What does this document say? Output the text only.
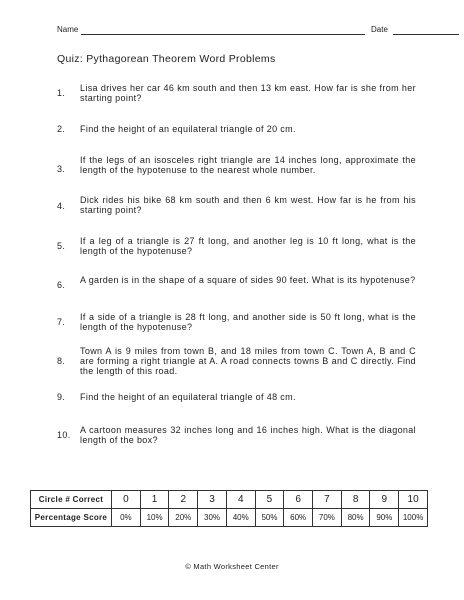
Name	Date
Quiz: Pythagorean Theorem Word Problems
1.	Lisa drives her car 46 km south and then 13 km east. How far is she from her starting point?
2.	Find the height of an equilateral triangle of 20 cm.
3.
If the legs of an isosceles right triangle are 14 inches long, approximate the length of the hypotenuse to the nearest whole number.
4.
Dick rides his bike 68 km south and then 6 km west. How far is he from his starting point?
5.	If a leg of a triangle is 27 ft long, and another leg is 10 ft long, what is the length of the hypotenuse?
6.	A garden is in the shape of a square of sides 90 feet. What is its hypotenuse?
7.	If a side of a triangle is 28 ft long, and another side is 50 ft long, what is the length of the hypotenuse?
8.
Town A is 9 miles from town B, and 18 miles from town C. Town A, B and C are forming a right triangle at A. A road connects towns B and C directly. Find the length of this road.
9.	Find the height of an equilateral triangle of 48 cm.
10.	A cartoon measures 32 inches long and 16 inches high. What is the diagonal length of the box?
Circle # Correct	0	1	2	3	4	5	6	7	8	9	10
Percentage Score	0%	10%	20%	30%	40%	50%	60%	70%	80%	90%	100%
© Math Worksheet Center
